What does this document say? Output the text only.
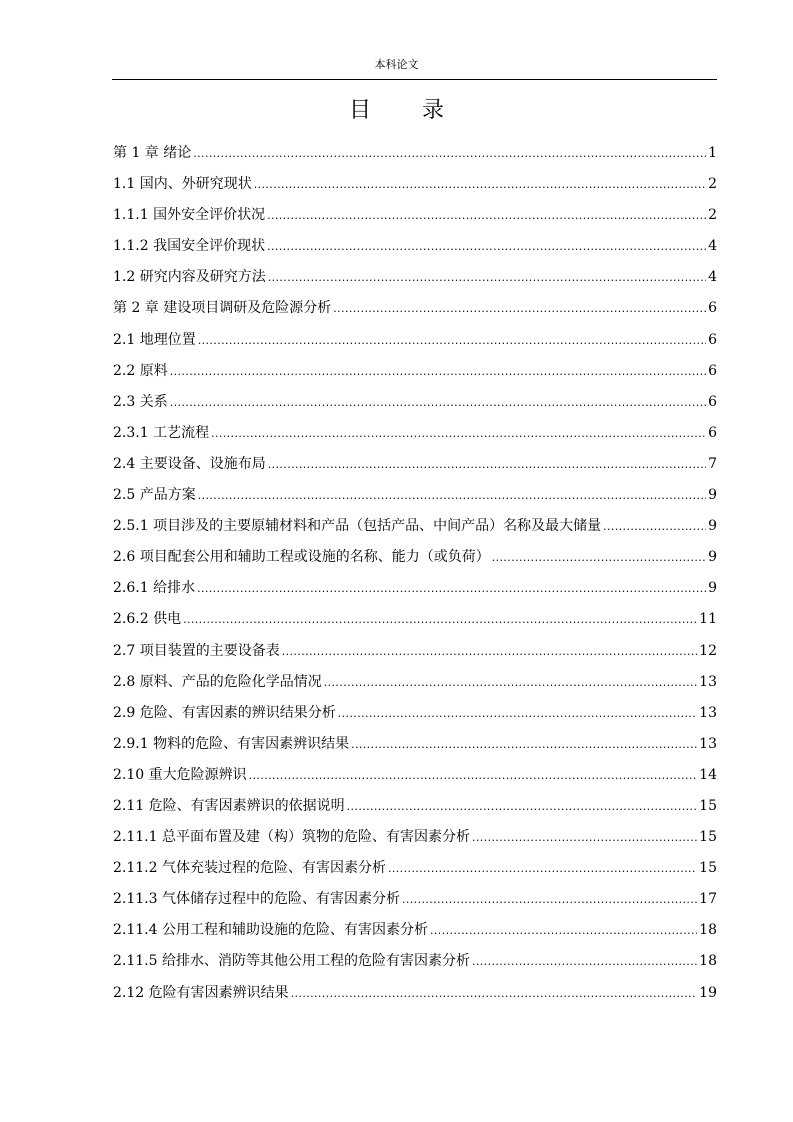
本科论文
目 录
第 1 章 绪论 .....	1
1.1 国内、外研究现状 .....	2
1.1.1 国外安全评价状况 .....	2
1.1.2 我国安全评价现状 .....	4
1.2 研究内容及研究方法 .....	4
第 2 章 建设项目调研及危险源分析 .....	6
2.1 地理位置 .....	6
2.2 原料 .....	6
2.3 关系 .....	6
2.3.1 工艺流程 .....	6
2.4 主要设备、设施布局 .....	7
2.5 产品方案 .....	9
2.5.1 项目涉及的主要原辅材料和产品（包括产品、中间产品）名称及最大储量 .....	9
2.6 项目配套公用和辅助工程或设施的名称、能力（或负荷） .....	9
2.6.1 给排水 .....	9
2.6.2 供电 .....	11
2.7 项目装置的主要设备表 .....	12
2.8 原料、产品的危险化学品情况 .....	13
2.9 危险、有害因素的辨识结果分析 .....	13
2.9.1 物料的危险、有害因素辨识结果 .....	13
2.10 重大危险源辨识 .....	14
2.11 危险、有害因素辨识的依据说明 .....	15
2.11.1 总平面布置及建（构）筑物的危险、有害因素分析 .....	15
2.11.2 气体充装过程的危险、有害因素分析 .....	15
2.11.3 气体储存过程中的危险、有害因素分析 .....	17
2.11.4 公用工程和辅助设施的危险、有害因素分析 .....	18
2.11.5 给排水、消防等其他公用工程的危险有害因素分析 .....	18
2.12 危险有害因素辨识结果 .....	19
